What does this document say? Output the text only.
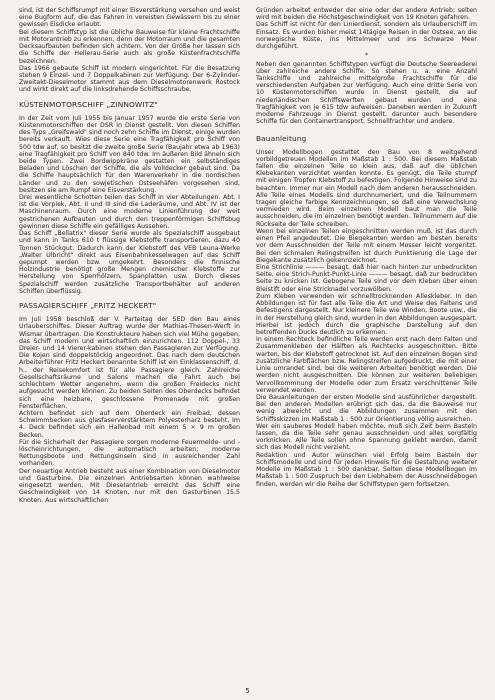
sind, ist der Schiffsrumpf mit einer Eisverstärkung versehen und weist eine Bugform auf, die das Fahren in vereisten Gewässern bis zu einer gewissen Eisdicke erlaubt.

Bei diesem Schiffstyp ist die übliche Bauweise für kleine Frachtschiffe mit Motorantrieb zu erkennen, denn der Motorraum und die gesamten Decksaufbauten befinden sich achtern. Von der Größe her lassen sich die Schiffe der Hellerau-Serie auch als große Küstenfrachtschiffe bezeichnen.

Das 1966 gebaute Schiff ist modern eingerichtet. Für die Besatzung stehen 9 Einzel- und 7 Doppelkabinen zur Verfügung. Der 6-Zylinder-Zweitakt-Dieselmotor stammt aus dem Dieselmotorenwerk Rostock und wirkt direkt auf die linksdrehende Schiffsschraube.

KÜSTENMOTORSCHIFF „ZINNOWITZ"

In der Zeit vom Juli 1955 bis Januar 1957 wurde die erste Serie von Küstenmotorschiffen der DSR in Dienst gestellt. Von diesen Schiffen des Typs „Greifswald" sind noch zehn Schiffe im Dienst, einige wurden bereits verkauft. Wies diese Serie eine Tragfähigkeit pro Schiff von 500 tdw auf, so besitzt die zweite große Serie (Baujahr etwa ab 1963) eine Tragfähigkeit pro Schiff von 840 tdw. Im äußeren Bild ähneln sich beide Typen. Zwei Bordwippkräne gestatten ein selbständiges Beladen und Löschen der Schiffe, die als Volldecker gebaut sind. Da die Schiffe hauptsächlich für den Warenverkehr in die nordischen Länder und zu den sowjetischen Ostseehäfen vorgesehen sind, besitzen sie am Rumpf eine Eisverstärkung.

Drei wesentliche Schotten teilen das Schiff in vier Abteilungen. Abt. I ist die Vorpiek, Abt. II und III sind die Laderäume, und Abt. IV ist der Maschinenraum. Durch eine moderne Linienführung der weit gestrichenen Aufbauten und durch den treppenförmigen Schiffsbug gewinnen diese Schiffe ein gefälliges Aussehen.

Das Schiff „Bellatrix" dieser Serie wurde als Spezialschiff ausgebaut und kann in Tanks 610 t flüssige Klebstoffe transportieren, dazu 40 Tonnen Stückgut. Dadurch kann der Klebstoff des VEB Leuna-Werke „Walter Ulbricht" direkt aus Eisenbahnkesselwagen auf das Schiff gepumpt werden bzw. umgekehrt. Besonders die finnische Holzindustrie benötigt große Mengen chemischer Klebstoffe zur Herstellung von Sperrhölzern, Spanplatten usw. Durch dieses Spezialschiff werden zusätzliche Transportbehälter auf anderen Schiffen überflüssig.

PASSAGIERSCHIFF „FRITZ HECKERT"

Im Juli 1958 beschloß der V. Parteitag der SED den Bau eines Urlauberschiffes. Dieser Auftrag wurde der Mathias-Thesen-Werft in Wismar übertragen. Die Konstrukteure haben sich viel Mühe gegeben, das Schiff modern und wirtschaftlich einzurichten. 112 Doppel-, 33 Dreier- und 14 Vierer-kabinen stehen den Passagieren zur Verfügung. Die Kojen sind doppelstöckig angeordnet. Das nach dem deutschen Arbeiterführer Fritz Heckert benannte Schiff ist ein Einklassenschiff, d. h., der Reisekomfort ist für alle Passagiere gleich. Zahlreiche Gesellschaftsräume und Salons machen die Fahrt auch bei schlechtem Wetter angenehm, wenn die großen Freidecks nicht aufgesucht werden können. Zu beiden Seiten des Oberdecks befindet sich eine heizbare, geschlossene Promenade mit großen Fensterflächen.

Achtern befindet sich auf dem Oberdeck ein Freibad, dessen Schwimmbecken aus glasfaserverstärktem Polyesterharz besteht. Im 4. Deck befindet sich ein Hallenbad mit einem 5 × 9 m großen Becken.

Für die Sicherheit der Passagiere sorgen moderne Feuermelde- und -löscheinrichtungen, die automatisch arbeiten; moderne Rettungsboote und Rettungsinseln sind in ausreichender Zahl vorhanden.

Der neuartige Antrieb besteht aus einer Kombination von Dieselmotor und Gasturbine. Die einzelnen Antriebsarten können wahlweise eingesetzt werden. Mit Dieselantrieb erreicht das Schiff eine Geschwindigkeit von 14 Knoten, nur mit den Gasturbinen 15,5 Knoten. Aus wirtschaftlichen

Gründen arbeitet entweder der eine oder der andere Antrieb; selten wird mit beiden die Höchstgeschwindigkeit von 19 Knoten gefahren.

Das Schiff ist nicht für den Linierdienst, sondern als Urlauberschiff im Einsatz. Es wurden bisher meist 14tägige Reisen in der Ostsee, an die norwegische Küste, ins Mittelmeer und ins Schwarze Meer durchgeführt.

*

Neben den genannten Schiffstypen verfügt die Deutsche Seereederei über zahlreiche andere Schiffe. So stehen u. a. eine Anzahl Tankschiffe und zahlreiche mittelgroße Frachtschiffe für die verschiedensten Aufgaben zur Verfügung. Auch eine dritte Serie von 10 Küstenmotorschiffen wurde in Dienst gestellt, die auf niederländischen Schiffswerften gebaut wurden und eine Tragfähigkeit von je 615 tdw aufweisen. Daneben werden in Zukunft moderne Fahrzeuge in Dienst gestellt, darunter auch besondere Schiffe für den Containertransport, Schnellfrachter und andere.

Bauanleitung

Unser Modellbogen gestattet den Bau von 8 weitgehend vorbildgetreuen Modellen im Maßstab 1 : 500. Bei diesem Maßstab fallen die einzelnen Teile so klein aus, daß auf die üblichen Klebekanten verzichtet werden konnte. Es genügt, die Teile stumpf mit einigen Tropfen Klebstoff zu befestigen. Folgende Hinweise sind zu beachten. Immer nur ein Modell nach dem anderen herausschneiden. Alle Teile eines Modells sind durchnumeriert, und die Teilnummern tragen gleiche farbige Kennzeichnungen, so daß eine Verwechslung vermieden wird. Beim einzelnen Modell baut man die Teile ausschneiden, die im einzelnen benötigt werden. Teilnummern auf die Rückseite der Teile schreiben.

Wenn bei einzelnen Teilen eingeschnitten werden muß, ist das durch einen Pfeil angedeutet. Die Biegekanten werden am besten bereits vor dem Ausschneiden der Teile mit einem Messer leicht vorgeritzt. Bei den schmalen Relingstreifen ist durch Punktierung die Lage der Biegekante zusätzlich gekennzeichnet.

Eine Strichlinie ——— besagt, daß hier nach hinten zur unbedruckten Seite, eine Strich-Punkt-Punkt-Linie ——— besagt, daß zur bedruckten Seite zu knicken ist. Gebogene Teile sind vor dem Kleben über einen Bleistift oder eine Stricknadel vorzuwölben.

Zum Kleben verwenden wir schnelltrocknenden Alleskleber. In den Abbildungen ist für fast alle Teile die Art und Weise des Faltens und Befestigens dargestellt. Nur kleinere Teile wie Winden, Boote usw., die in der Herstellung gleich sind, wurden in den Abbildungen ausgespart. Hierbei ist jedoch durch die graphische Darstellung auf den betreffenden Ducks deutlich zu erkennen.

In einem Rechteck befindliche Teile werden erst nach dem Falten und Zusammenkleben der Hälften als Rechtecks ausgeschnitten. Bitte warten, bis der Klebstoff getrocknet ist. Auf den einzelnen Bogen sind zusätzliche Farbflächen bzw. Relingstreifen aufgedruckt, die mit einer Linie umrandet sind, bei die weiteren Arbeiten benötigt werden. Die werden nicht ausgeschnitten. Die können zur weiteren beliebigen Vervollkommnung der Modelle oder zum Ersatz verschnittener Teile verwendet werden.

Die Bauanleitungen der ersten Modelle sind ausführlicher dargestellt. Bei den anderen Modellen erübrigt sich das, da die Bauweise nur wenig abweicht und die Abbildungen zusammen mit den Schiffsskizzen im Maßstab 1 : 500 zur Orientierung völlig ausreichen.

Wer ein sauberes Modell haben möchte, muß sich Zeit beim Basteln lassen, da die Teile sehr genau ausschneiden und alles sorgfältig vorknicken. Alle Teile sollen ohne Spannung geklebt werden, damit sich das Modell nicht verzieht.

Redaktion und Autor wünschen viel Erfolg beim Basteln der Schiffsmodelle und sind für jeden Hinweis für die Gestaltung weiterer Modelle im Maßstab 1 : 500 dankbar. Selten diese Modellbogen im Maßstab 1 : 500 Zuspruch bei den Liebhabern der Ausschneidebogen finden, werden wir die Reihe der Schiffstypen gern fortsetzen.

5
